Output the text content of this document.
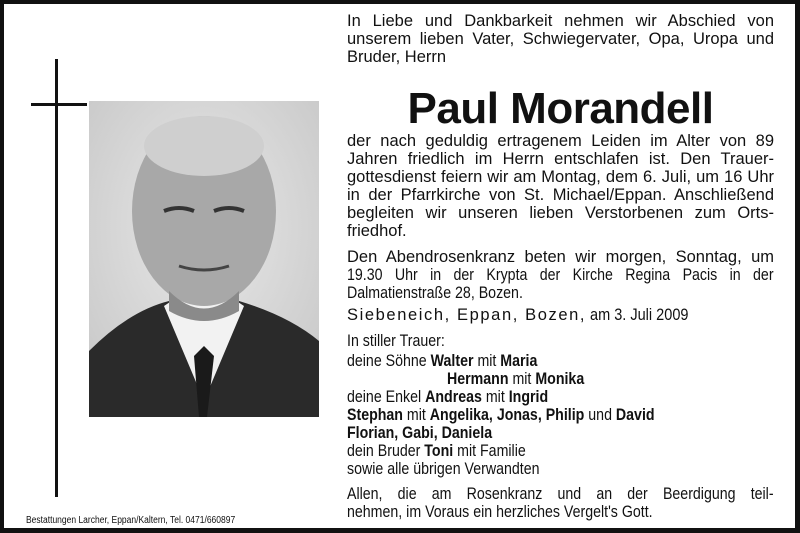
In Liebe und Dankbarkeit nehmen wir Abschied von
unserem lieben Vater, Schwiegervater, Opa, Uropa und
Bruder, Herrn
der nach geduldig ertragenem Leiden im Alter von 89
Jahren friedlich im Herrn entschlafen ist. Den Trauer-
gottesdienst feiern wir am Montag, dem 6. Juli, um 16 Uhr
in der Pfarrkirche von St. Michael/Eppan. Anschließend
begleiten wir unseren lieben Verstorbenen zum Orts-
friedhof.
Den Abendrosenkranz beten wir morgen, Sonntag, um
19.30 Uhr in der Krypta der Kirche Regina Pacis in der
Dalmatienstraße 28, Bozen.
Siebeneich, Eppan, Bozen, am 3. Juli 2009
In stiller Trauer:
deine Söhne Walter mit Maria
Hermann mit Monika
deine Enkel Andreas mit Ingrid
Stephan mit Angelika, Jonas, Philip und David
Florian, Gabi, Daniela
dein Bruder Toni mit Familie
sowie alle übrigen Verwandten
Allen, die am Rosenkranz und an der Beerdigung teil-
nehmen, im Voraus ein herzliches Vergelt's Gott.
Paul Morandell
Bestattungen Larcher, Eppan/Kaltern, Tel. 0471/660897
